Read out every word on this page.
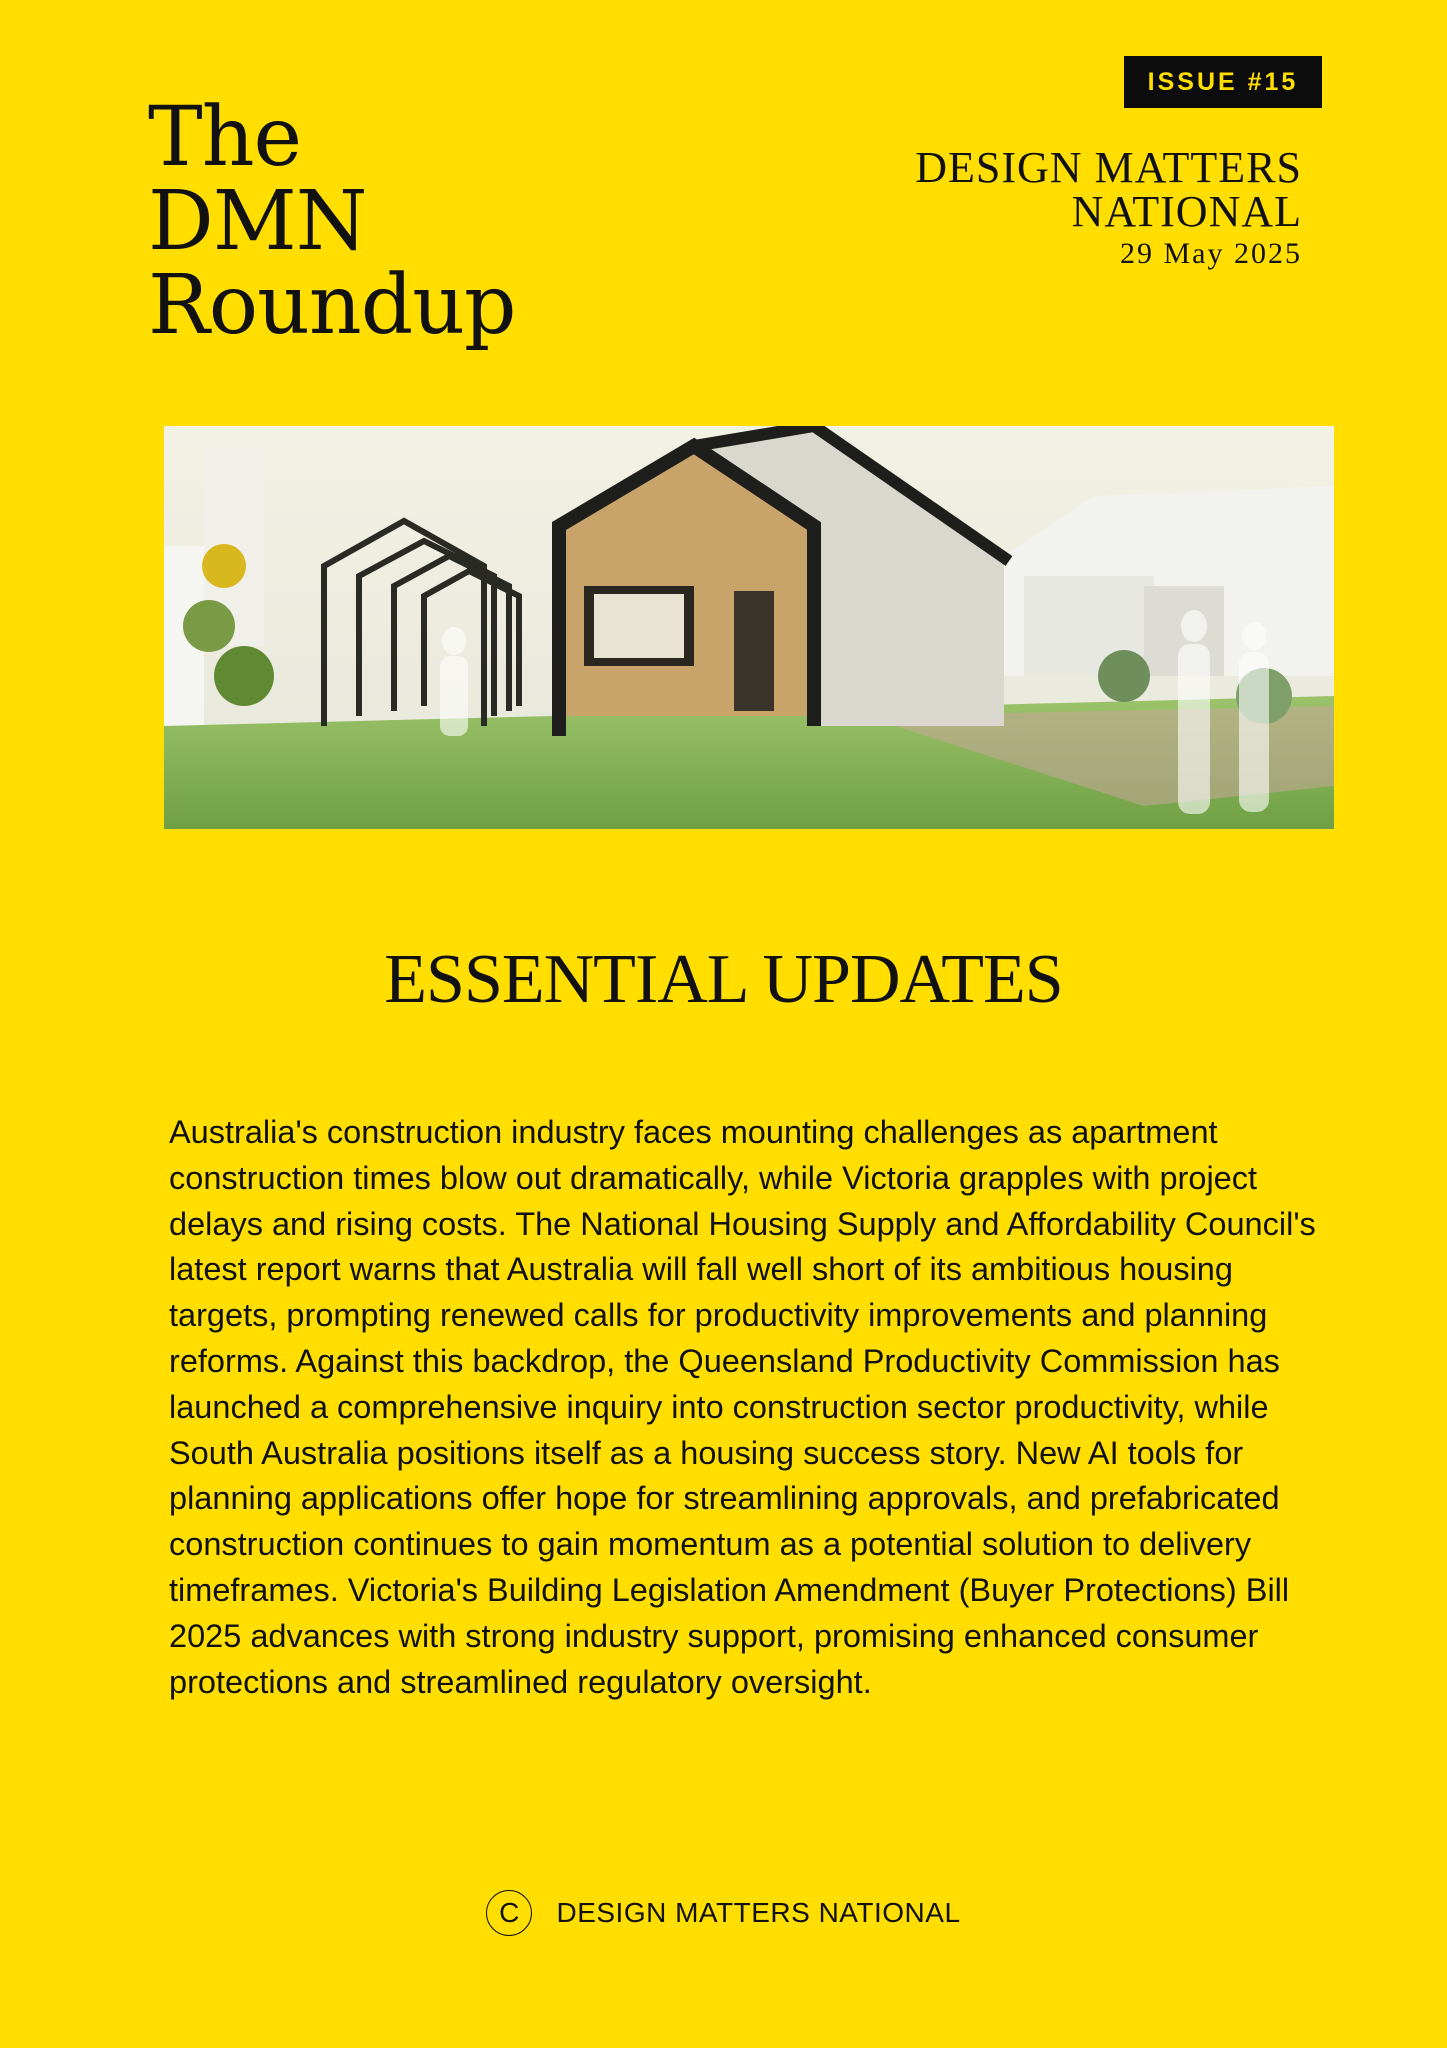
ISSUE #15
The
DMN
Roundup
DESIGN MATTERS
NATIONAL
29 May 2025
ESSENTIAL UPDATES

Australia's construction industry faces mounting challenges as apartment construction times blow out dramatically, while Victoria grapples with project delays and rising costs. The National Housing Supply and Affordability Council's latest report warns that Australia will fall well short of its ambitious housing targets, prompting renewed calls for productivity improvements and planning reforms. Against this backdrop, the Queensland Productivity Commission has launched a comprehensive inquiry into construction sector productivity, while South Australia positions itself as a housing success story. New AI tools for planning applications offer hope for streamlining approvals, and prefabricated construction continues to gain momentum as a potential solution to delivery timeframes. Victoria's Building Legislation Amendment (Buyer Protections) Bill 2025 advances with strong industry support, promising enhanced consumer protections and streamlined regulatory oversight.

C	DESIGN MATTERS NATIONAL
